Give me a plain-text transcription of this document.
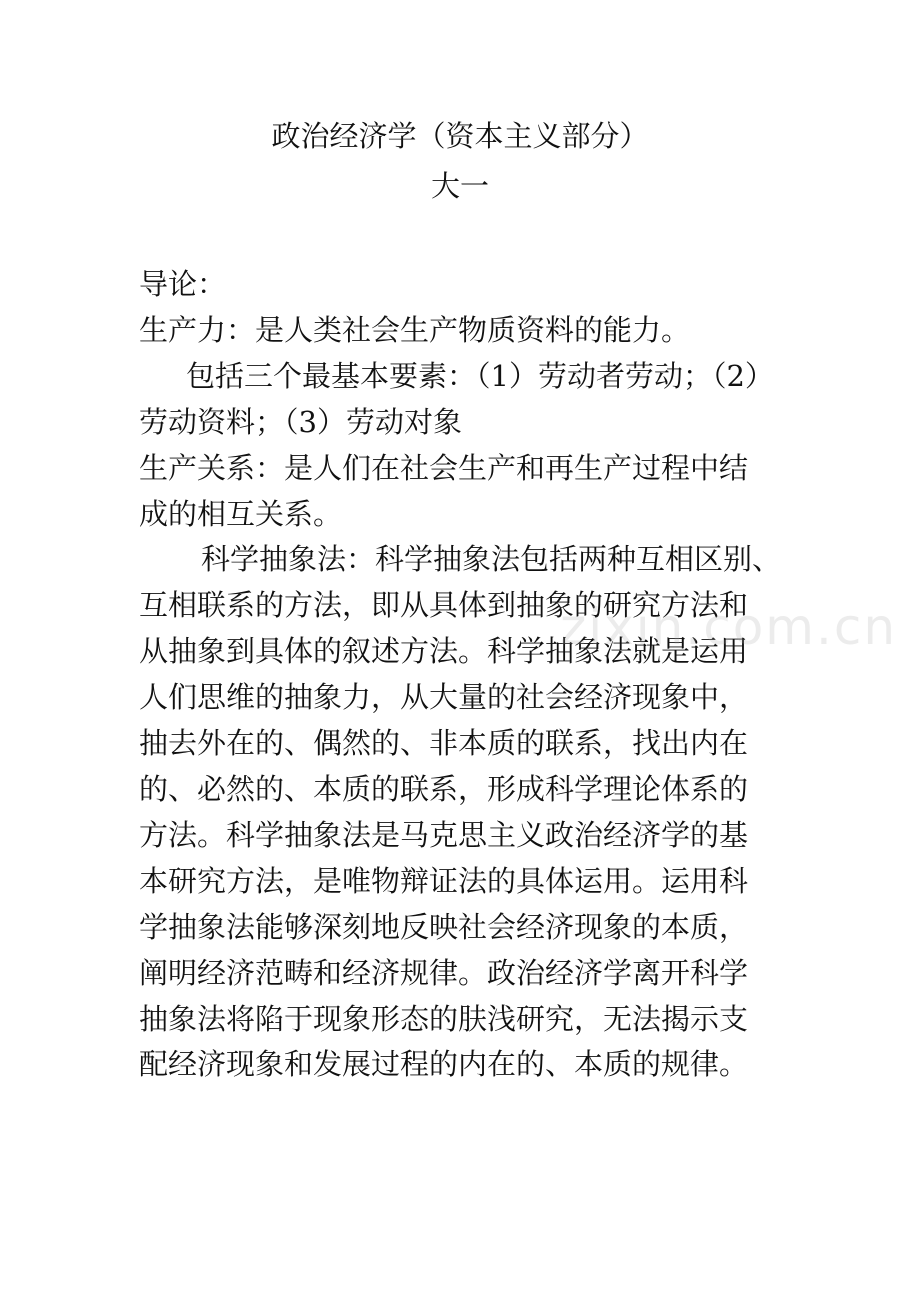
政治经济学（资本主义部分）
大一

导论：

生产力：是人类社会生产物质资料的能力。

包括三个最基本要素：（1）劳动者劳动；（2）

劳动资料；（3）劳动对象

生产关系：是人们在社会生产和再生产过程中结

成的相互关系。

科学抽象法：科学抽象法包括两种互相区别、

互相联系的方法，即从具体到抽象的研究方法和

从抽象到具体的叙述方法。科学抽象法就是运用

人们思维的抽象力，从大量的社会经济现象中，

抽去外在的、偶然的、非本质的联系，找出内在

的、必然的、本质的联系，形成科学理论体系的

方法。科学抽象法是马克思主义政治经济学的基

本研究方法，是唯物辩证法的具体运用。运用科

学抽象法能够深刻地反映社会经济现象的本质，

阐明经济范畴和经济规律。政治经济学离开科学

抽象法将陷于现象形态的肤浅研究，无法揭示支

配经济现象和发展过程的内在的、本质的规律。

zixin.com.cn
